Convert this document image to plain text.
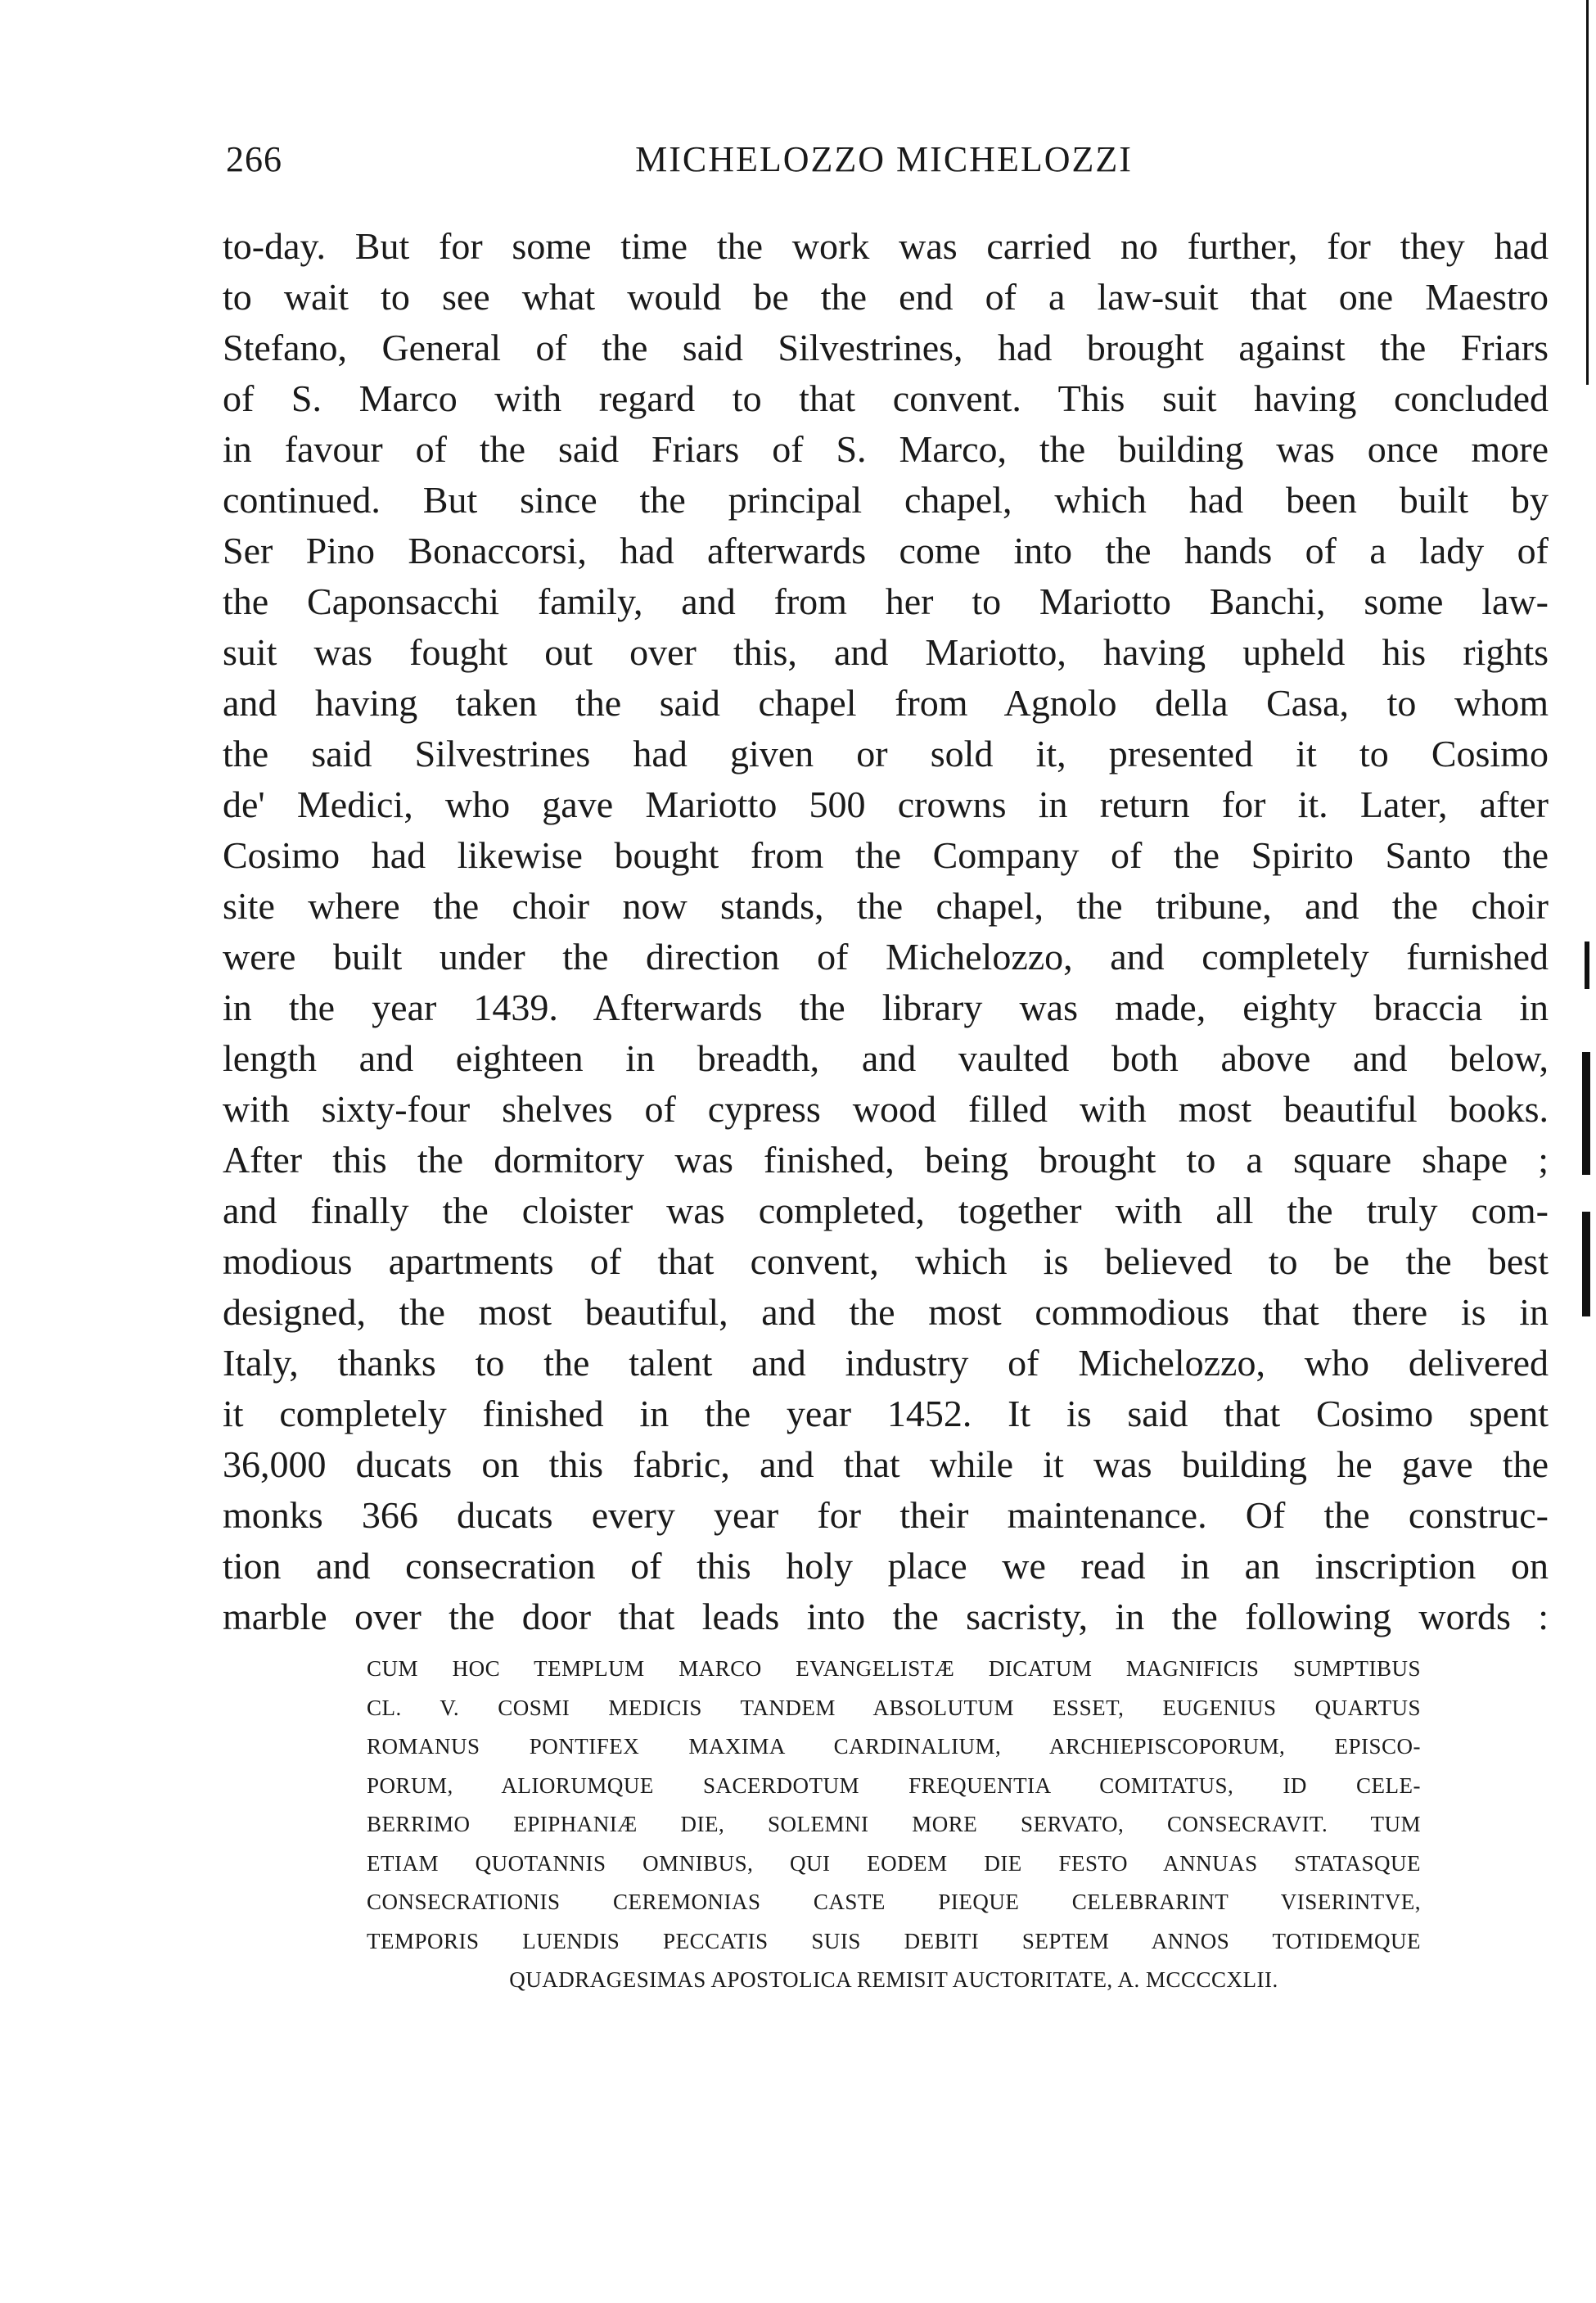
266	MICHELOZZO MICHELOZZI
to-day. But for some time the work was carried no further, for they had
to wait to see what would be the end of a law-suit that one Maestro
Stefano, General of the said Silvestrines, had brought against the Friars
of S. Marco with regard to that convent. This suit having concluded
in favour of the said Friars of S. Marco, the building was once more
continued. But since the principal chapel, which had been built by
Ser Pino Bonaccorsi, had afterwards come into the hands of a lady of
the Caponsacchi family, and from her to Mariotto Banchi, some law-
suit was fought out over this, and Mariotto, having upheld his rights
and having taken the said chapel from Agnolo della Casa, to whom
the said Silvestrines had given or sold it, presented it to Cosimo
de' Medici, who gave Mariotto 500 crowns in return for it. Later, after
Cosimo had likewise bought from the Company of the Spirito Santo the
site where the choir now stands, the chapel, the tribune, and the choir
were built under the direction of Michelozzo, and completely furnished
in the year 1439. Afterwards the library was made, eighty braccia in
length and eighteen in breadth, and vaulted both above and below,
with sixty-four shelves of cypress wood filled with most beautiful books.
After this the dormitory was finished, being brought to a square shape ;
and finally the cloister was completed, together with all the truly com-
modious apartments of that convent, which is believed to be the best
designed, the most beautiful, and the most commodious that there is in
Italy, thanks to the talent and industry of Michelozzo, who delivered
it completely finished in the year 1452. It is said that Cosimo spent
36,000 ducats on this fabric, and that while it was building he gave the
monks 366 ducats every year for their maintenance. Of the construc-
tion and consecration of this holy place we read in an inscription on
marble over the door that leads into the sacristy, in the following words :
CUM HOC TEMPLUM MARCO EVANGELISTÆ DICATUM MAGNIFICIS SUMPTIBUS
CL. V. COSMI MEDICIS TANDEM ABSOLUTUM ESSET, EUGENIUS QUARTUS
ROMANUS PONTIFEX MAXIMA CARDINALIUM, ARCHIEPISCOPORUM, EPISCO-
PORUM, ALIORUMQUE SACERDOTUM FREQUENTIA COMITATUS, ID CELE-
BERRIMO EPIPHANIÆ DIE, SOLEMNI MORE SERVATO, CONSECRAVIT. TUM
ETIAM QUOTANNIS OMNIBUS, QUI EODEM DIE FESTO ANNUAS STATASQUE
CONSECRATIONIS CEREMONIAS CASTE PIEQUE CELEBRARINT VISERINTVE,
TEMPORIS LUENDIS PECCATIS SUIS DEBITI SEPTEM ANNOS TOTIDEMQUE
QUADRAGESIMAS APOSTOLICA REMISIT AUCTORITATE, A. MCCCCXLII.
